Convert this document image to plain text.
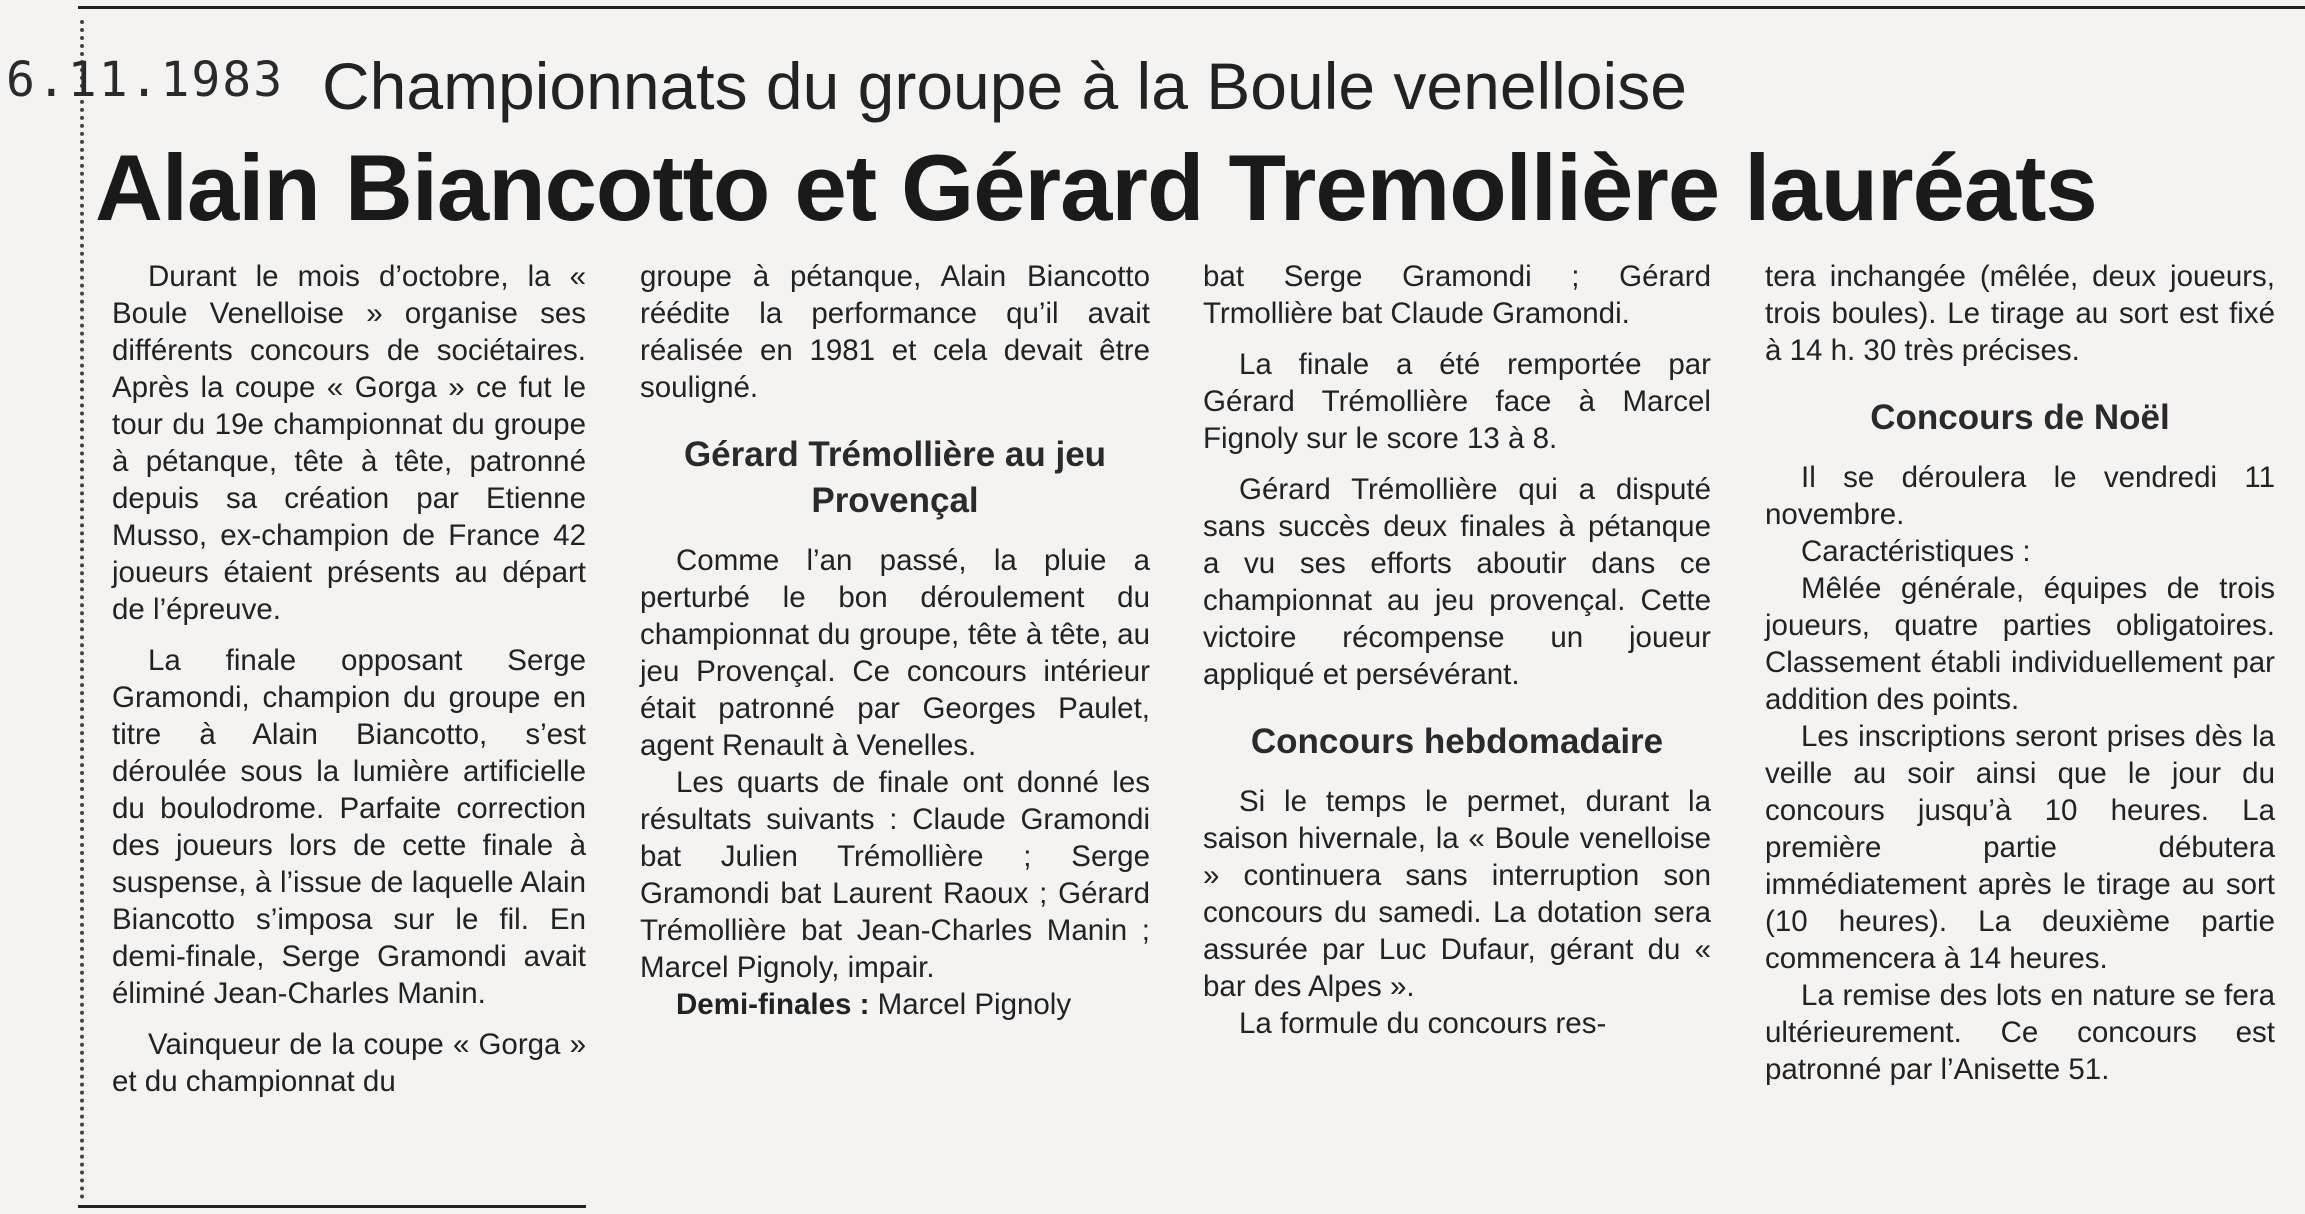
6.11.1983 Championnats du groupe à la Boule venelloise
Alain Biancotto et Gérard Tremollière lauréats

Durant le mois d’octobre, la « Boule Venelloise » organise ses différents concours de sociétaires. Après la coupe « Gorga » ce fut le tour du 19e championnat du groupe à pétanque, tête à tête, patronné depuis sa création par Etienne Musso, ex-champion de France 42 joueurs étaient présents au départ de l’épreuve.

La finale opposant Serge Gramondi, champion du groupe en titre à Alain Biancotto, s’est déroulée sous la lumière artificielle du boulodrome. Parfaite correction des joueurs lors de cette finale à suspense, à l’issue de laquelle Alain Biancotto s’imposa sur le fil. En demi-finale, Serge Gramondi avait éliminé Jean-Charles Manin.

Vainqueur de la coupe « Gorga » et du championnat du

groupe à pétanque, Alain Biancotto réédite la performance qu’il avait réalisée en 1981 et cela devait être souligné.

Gérard Trémollière au jeu Provençal

Comme l’an passé, la pluie a perturbé le bon déroulement du championnat du groupe, tête à tête, au jeu Provençal. Ce concours intérieur était patronné par Georges Paulet, agent Renault à Venelles.

Les quarts de finale ont donné les résultats suivants : Claude Gramondi bat Julien Trémollière ; Serge Gramondi bat Laurent Raoux ; Gérard Trémollière bat Jean-Charles Manin ; Marcel Pignoly, impair.

Demi-finales : Marcel Pignoly

bat Serge Gramondi ; Gérard Trmollière bat Claude Gramondi.

La finale a été remportée par Gérard Trémollière face à Marcel Fignoly sur le score 13 à 8.

Gérard Trémollière qui a disputé sans succès deux finales à pétanque a vu ses efforts aboutir dans ce championnat au jeu provençal. Cette victoire récompense un joueur appliqué et persévérant.

Concours hebdomadaire

Si le temps le permet, durant la saison hivernale, la « Boule venelloise » continuera sans interruption son concours du samedi. La dotation sera assurée par Luc Dufaur, gérant du « bar des Alpes ».

La formule du concours res-

tera inchangée (mêlée, deux joueurs, trois boules). Le tirage au sort est fixé à 14 h. 30 très précises.

Concours de Noël

Il se déroulera le vendredi 11 novembre.

Caractéristiques :

Mêlée générale, équipes de trois joueurs, quatre parties obligatoires. Classement établi individuellement par addition des points.

Les inscriptions seront prises dès la veille au soir ainsi que le jour du concours jusqu’à 10 heures. La première partie débutera immédiatement après le tirage au sort (10 heures). La deuxième partie commencera à 14 heures.

La remise des lots en nature se fera ultérieurement. Ce concours est patronné par l’Anisette 51.
